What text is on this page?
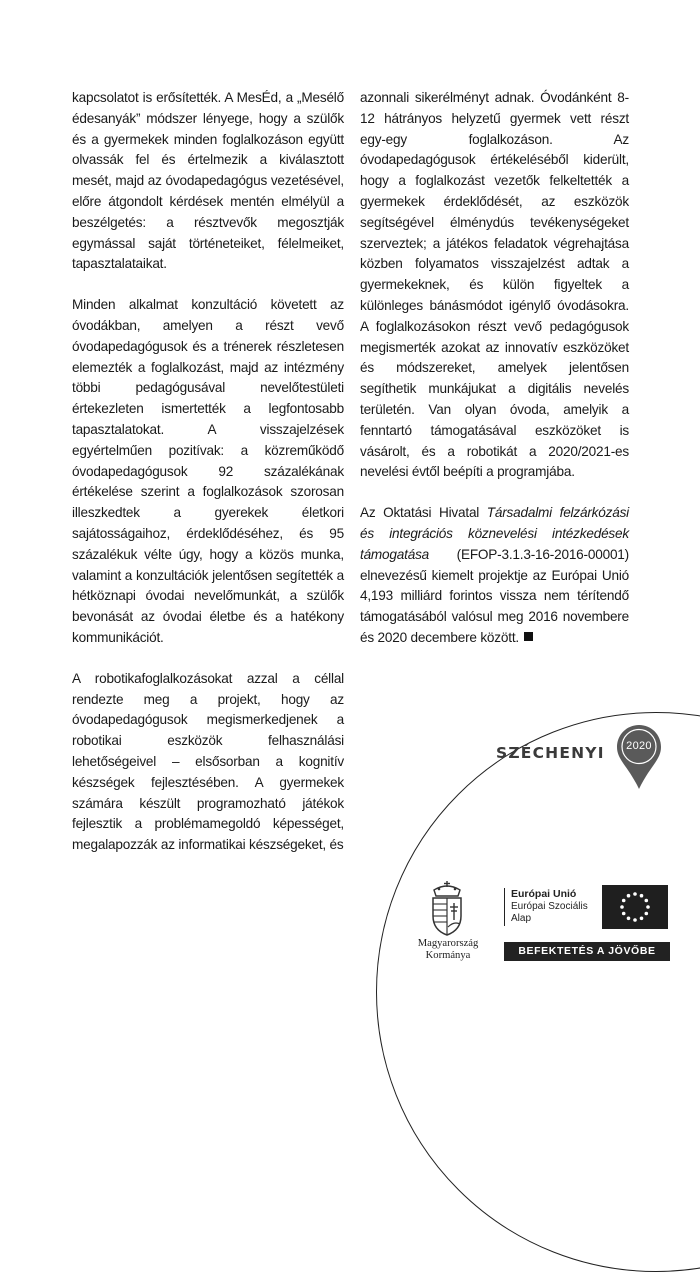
kapcsolatot is erősítették. A MesÉd, a „Mesélő édesanyák” módszer lényege, hogy a szülők és a gyermekek minden foglalkozáson együtt olvassák fel és értelmezik a kiválasztott mesét, majd az óvodapedagógus vezetésével, előre átgondolt kérdések mentén elmélyül a beszélgetés: a résztvevők megosztják egymással saját történeteiket, félelmeiket, tapasztalataikat.

Minden alkalmat konzultáció követett az óvodákban, amelyen a részt vevő óvodapedagógusok és a trénerek részletesen elemezték a foglalkozást, majd az intézmény többi pedagógusával nevelőtestületi értekezleten ismertették a legfontosabb tapasztalatokat. A visszajelzések egyértelműen pozitívak: a közreműködő óvodapedagógusok 92 százalékának értékelése szerint a foglalkozások szorosan illeszkedtek a gyerekek életkori sajátosságaihoz, érdeklődéséhez, és 95 százalékuk vélte úgy, hogy a közös munka, valamint a konzultációk jelentősen segítették a hétköznapi óvodai nevelőmunkát, a szülők bevonását az óvodai életbe és a hatékony kommunikációt.

A robotikafoglalkozásokat azzal a céllal rendezte meg a projekt, hogy az óvodapedagógusok megismerkedjenek a robotikai eszközök felhasználási lehetőségeivel – elsősorban a kognitív készségek fejlesztésében. A gyermekek számára készült programozható játékok fejlesztik a problémamegoldó képességet, megalapozzák az informatikai készségeket, és

azonnali sikerélményt adnak. Óvodánként 8-12 hátrányos helyzetű gyermek vett részt egy-egy foglalkozáson. Az óvodapedagógusok értékeléséből kiderült, hogy a foglalkozást vezetők felkeltették a gyermekek érdeklődését, az eszközök segítségével élménydús tevékenységeket szerveztek; a játékos feladatok végrehajtása közben folyamatos visszajelzést adtak a gyermekeknek, és külön figyeltek a különleges bánásmódot igénylő óvodásokra. A foglalkozásokon részt vevő pedagógusok megismerték azokat az innovatív eszközöket és módszereket, amelyek jelentősen segíthetik munkájukat a digitális nevelés területén. Van olyan óvoda, amelyik a fenntartó támogatásával eszközöket is vásárolt, és a robotikát a 2020/2021-es nevelési évtől beépíti a programjába.

Az Oktatási Hivatal Társadalmi felzárkózási és integrációs köznevelési intézkedések támogatása (EFOP-3.1.3-16-2016-00001) elnevezésű kiemelt projektje az Európai Unió 4,193 milliárd forintos vissza nem térítendő támogatásából valósul meg 2016 novembere és 2020 decembere között.

SZÉCHENYI	2020
Magyarország
Kormánya
Európai Unió
Európai Szociális
Alap
BEFEKTETÉS A JÖVŐBE
